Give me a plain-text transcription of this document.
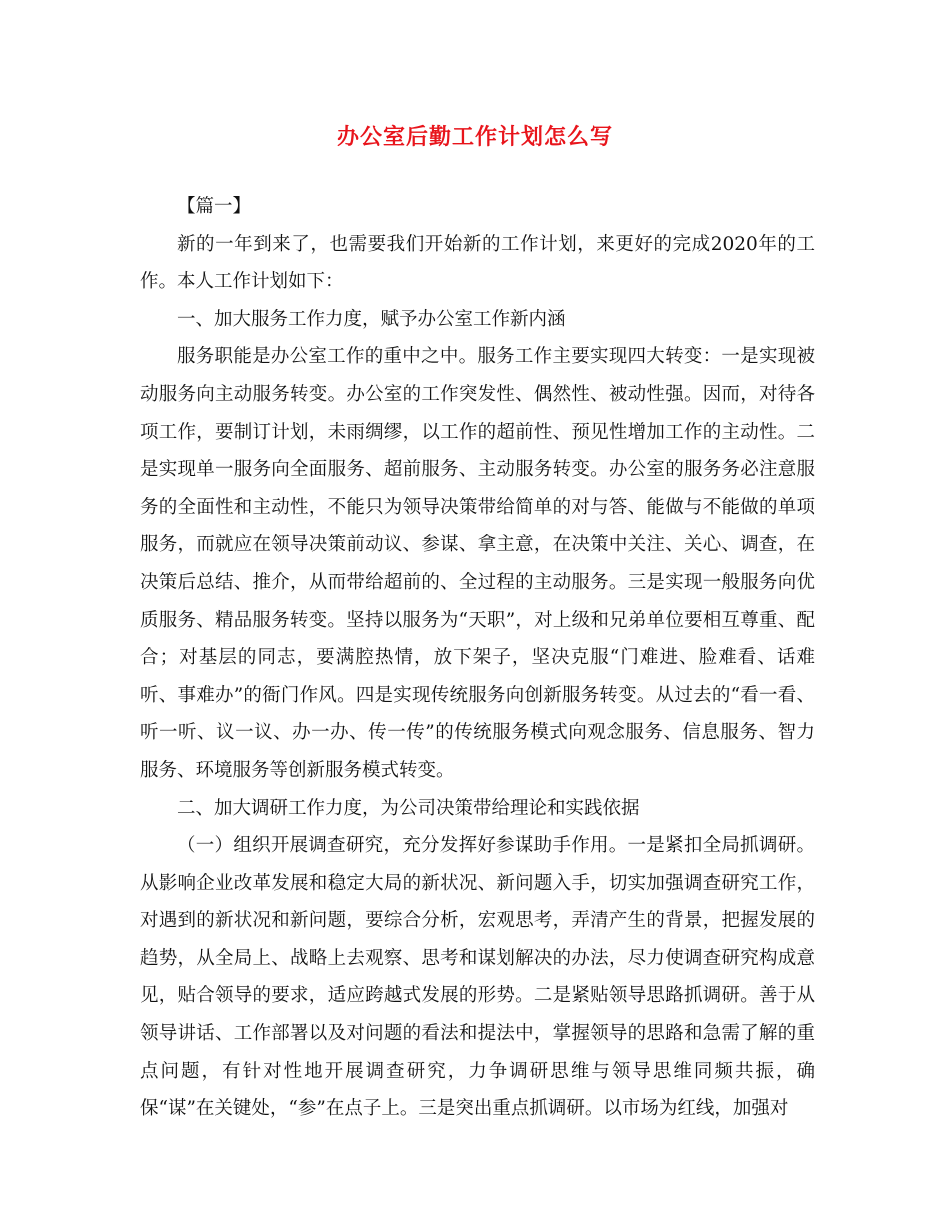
办公室后勤工作计划怎么写

【篇一】

新的一年到来了，也需要我们开始新的工作计划，来更好的完成2020年的工作。本人工作计划如下：

一、加大服务工作力度，赋予办公室工作新内涵

服务职能是办公室工作的重中之中。服务工作主要实现四大转变：一是实现被动服务向主动服务转变。办公室的工作突发性、偶然性、被动性强。因而，对待各项工作，要制订计划，未雨绸缪，以工作的超前性、预见性增加工作的主动性。二是实现单一服务向全面服务、超前服务、主动服务转变。办公室的服务务必注意服务的全面性和主动性，不能只为领导决策带给简单的对与答、能做与不能做的单项服务，而就应在领导决策前动议、参谋、拿主意，在决策中关注、关心、调查，在决策后总结、推介，从而带给超前的、全过程的主动服务。三是实现一般服务向优质服务、精品服务转变。坚持以服务为“天职”，对上级和兄弟单位要相互尊重、配合；对基层的同志，要满腔热情，放下架子，坚决克服“门难进、脸难看、话难听、事难办”的衙门作风。四是实现传统服务向创新服务转变。从过去的“看一看、听一听、议一议、办一办、传一传”的传统服务模式向观念服务、信息服务、智力服务、环境服务等创新服务模式转变。

二、加大调研工作力度，为公司决策带给理论和实践依据

（一）组织开展调查研究，充分发挥好参谋助手作用。一是紧扣全局抓调研。从影响企业改革发展和稳定大局的新状况、新问题入手，切实加强调查研究工作，对遇到的新状况和新问题，要综合分析，宏观思考，弄清产生的背景，把握发展的趋势，从全局上、战略上去观察、思考和谋划解决的办法，尽力使调查研究构成意见，贴合领导的要求，适应跨越式发展的形势。二是紧贴领导思路抓调研。善于从领导讲话、工作部署以及对问题的看法和提法中，掌握领导的思路和急需了解的重点问题，有针对性地开展调查研究，力争调研思维与领导思维同频共振，确保“谋”在关键处，“参”在点子上。三是突出重点抓调研。以市场为红线，加强对
